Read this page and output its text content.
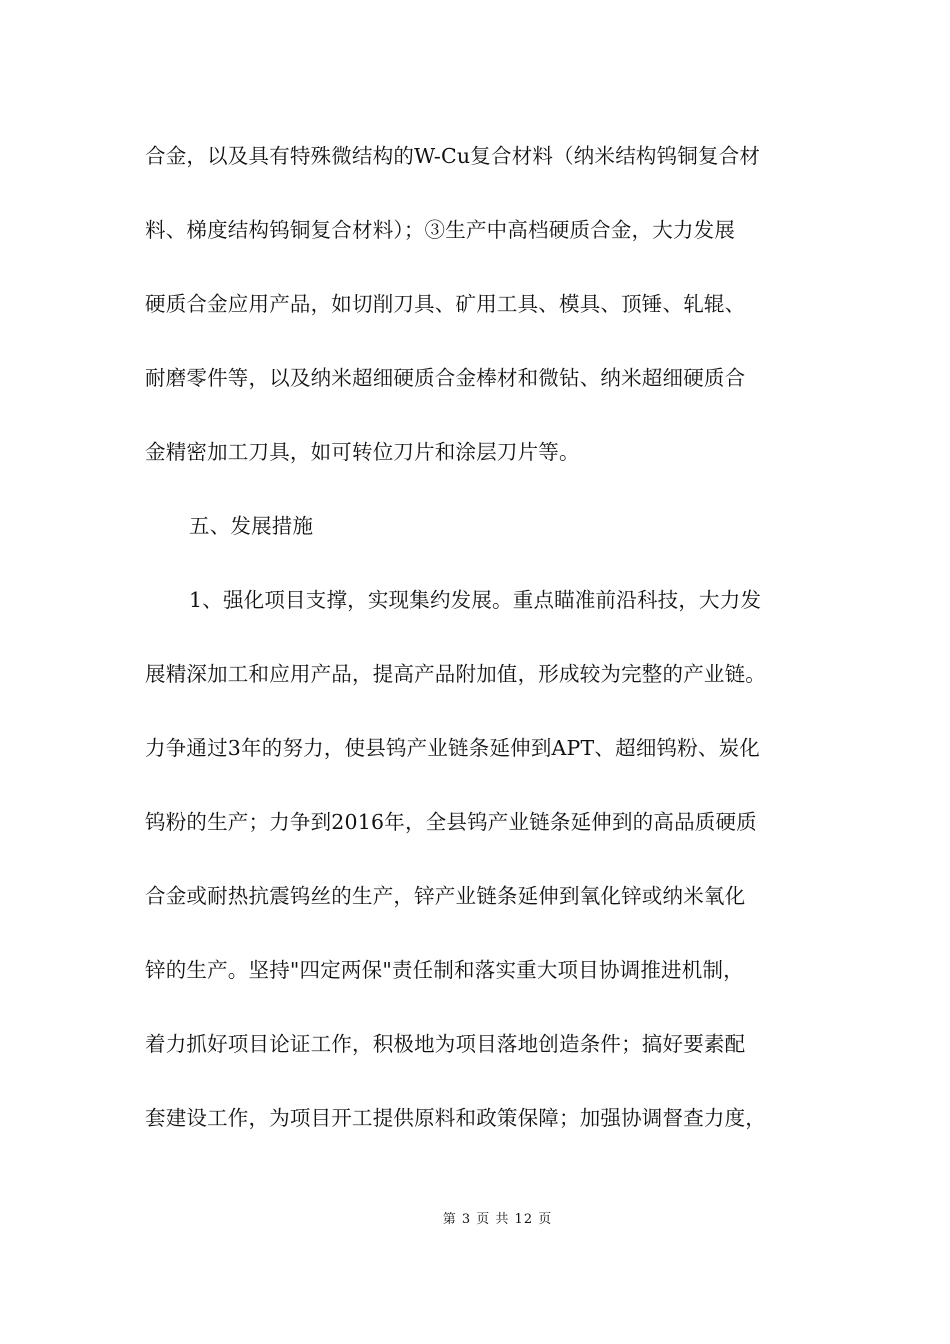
合金，以及具有特殊微结构的W-Cu复合材料（纳米结构钨铜复合材
料、梯度结构钨铜复合材料）；③生产中高档硬质合金，大力发展
硬质合金应用产品，如切削刀具、矿用工具、模具、顶锤、轧辊、
耐磨零件等，以及纳米超细硬质合金棒材和微钻、纳米超细硬质合
金精密加工刀具，如可转位刀片和涂层刀片等。
五、发展措施
1、强化项目支撑，实现集约发展。重点瞄准前沿科技，大力发
展精深加工和应用产品，提高产品附加值，形成较为完整的产业链。
力争通过3年的努力，使县钨产业链条延伸到APT、超细钨粉、炭化
钨粉的生产；力争到2016年，全县钨产业链条延伸到的高品质硬质
合金或耐热抗震钨丝的生产，锌产业链条延伸到氧化锌或纳米氧化
锌的生产。坚持"四定两保"责任制和落实重大项目协调推进机制，
着力抓好项目论证工作，积极地为项目落地创造条件；搞好要素配
套建设工作，为项目开工提供原料和政策保障；加强协调督查力度，
第 3 页 共 12 页
